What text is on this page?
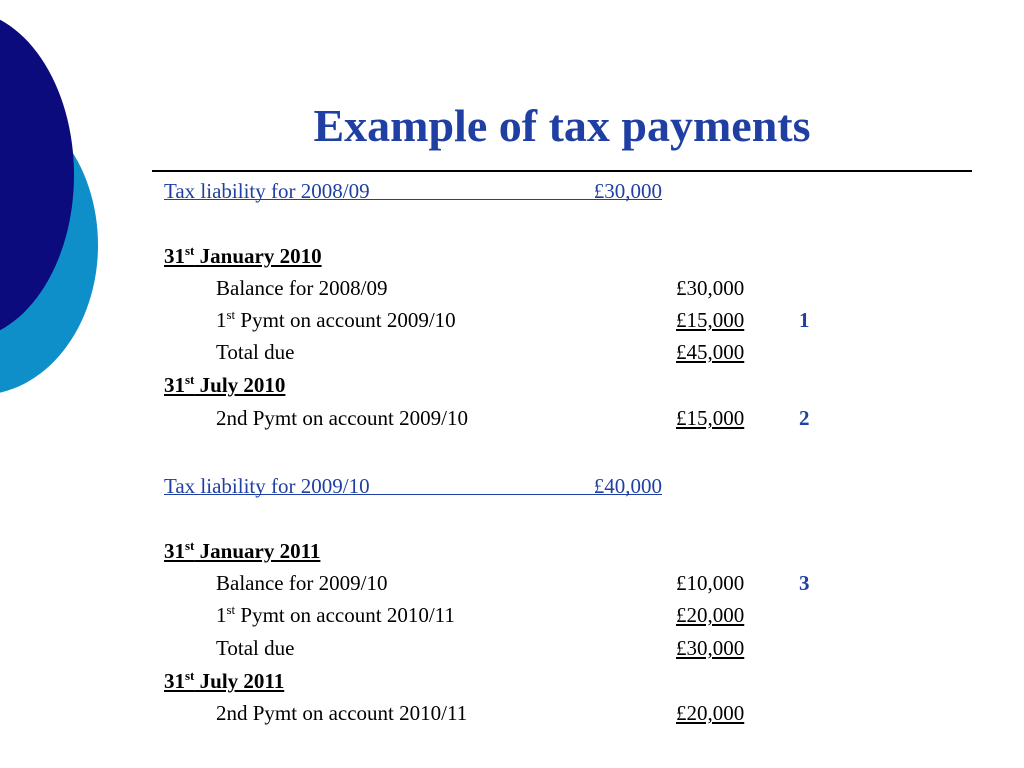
Example of tax payments
Tax liability for 2008/09	£30,000
31st January 2010
Balance for 2008/09	£30,000
1st Pymt on account 2009/10	£15,000	1
Total due	£45,000
31st July 2010
2nd Pymt on account 2009/10	£15,000	2
Tax liability for 2009/10	£40,000
31st January 2011
Balance for 2009/10	£10,000	3
1st Pymt on account 2010/11	£20,000
Total due	£30,000
31st July 2011
2nd Pymt on account 2010/11	£20,000
